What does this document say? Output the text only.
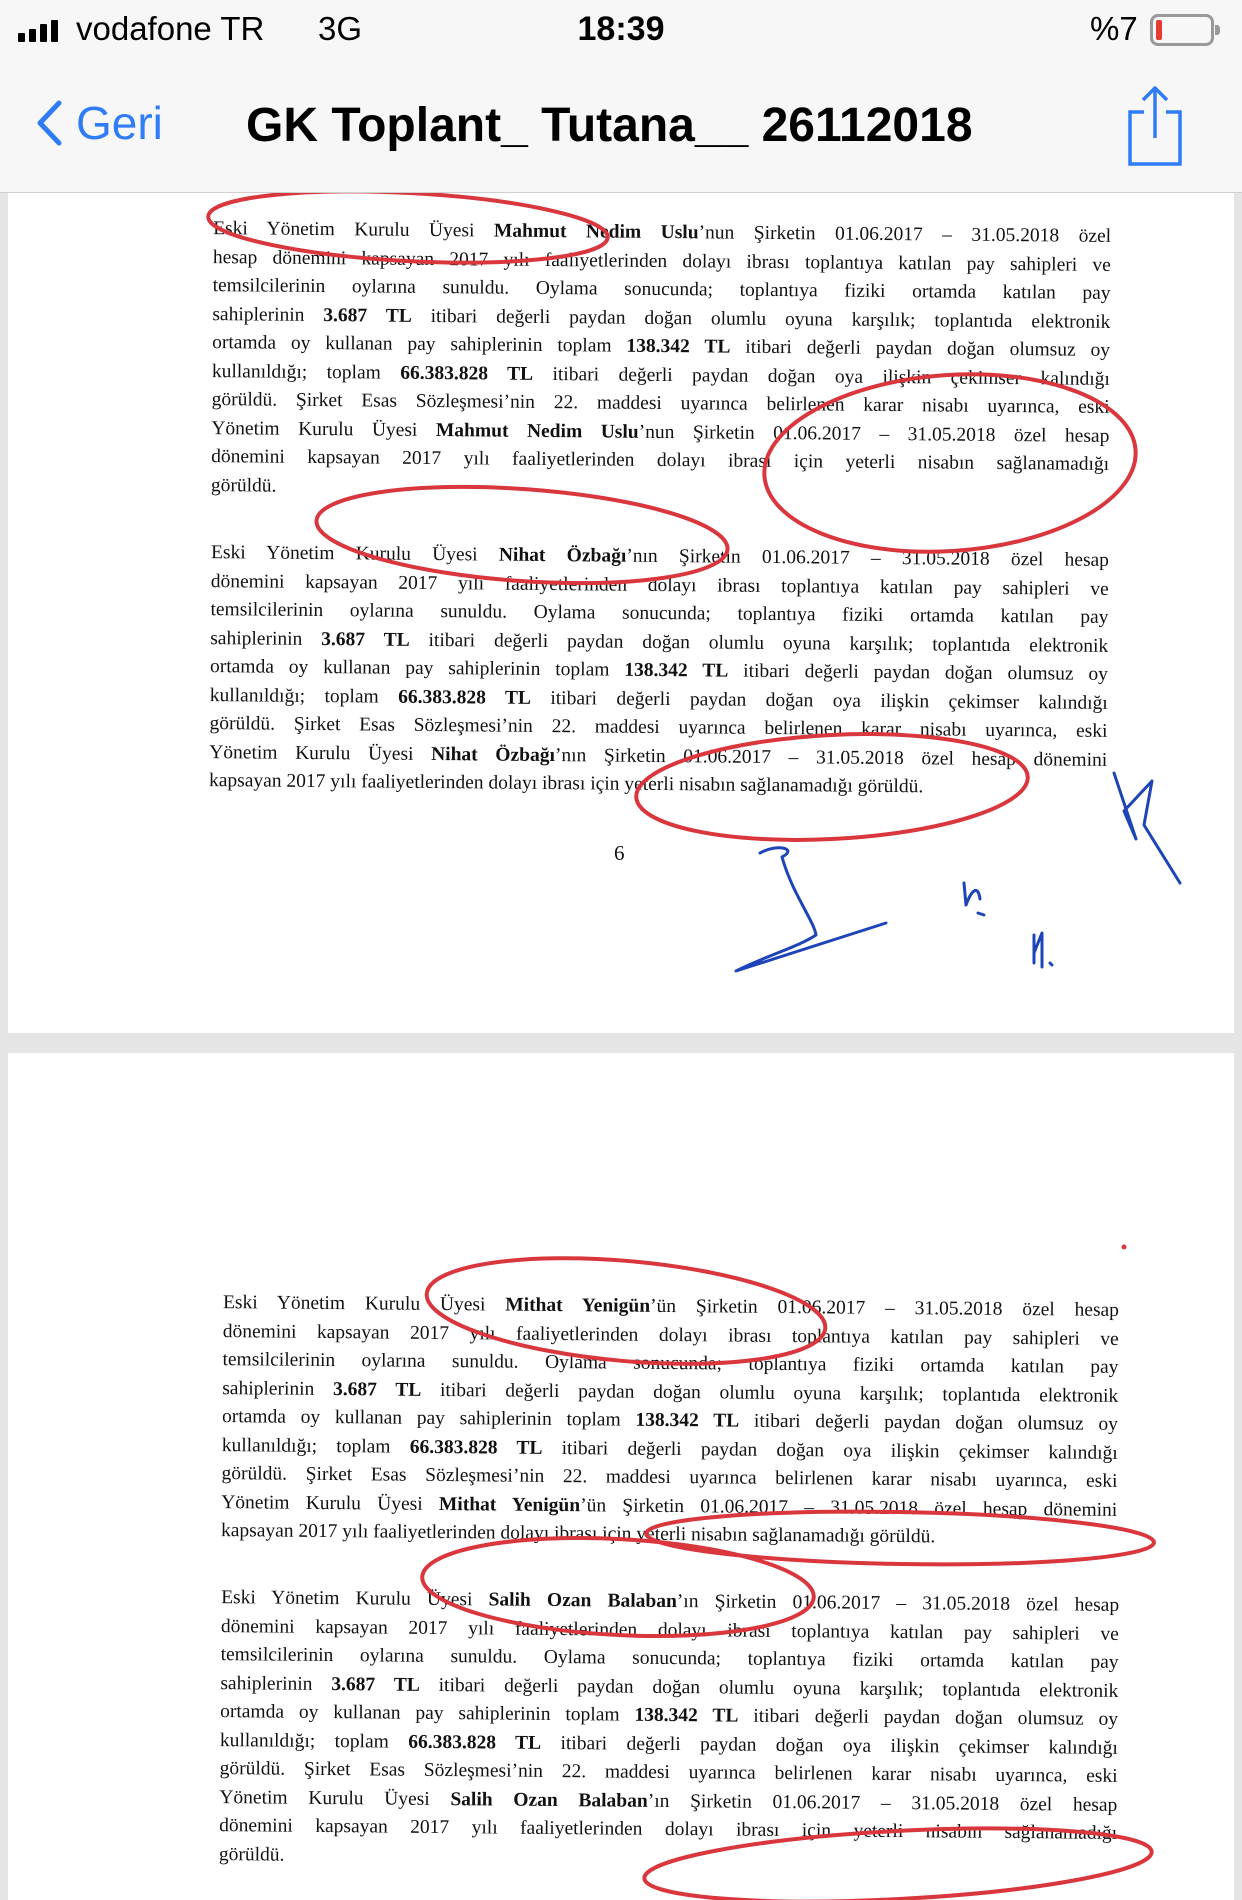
vodafone TR 3G	18:39	%7
Geri GK Toplant_ Tutana__ 26112018
Eski Yönetim Kurulu Üyesi Mahmut Nedim Uslu’nun Şirketin 01.06.2017 – 31.05.2018 özel
hesap dönemini kapsayan 2017 yılı faaliyetlerinden dolayı ibrası toplantıya katılan pay sahipleri ve
temsilcilerinin oylarına sunuldu. Oylama sonucunda; toplantıya fiziki ortamda katılan pay
sahiplerinin 3.687 TL itibari değerli paydan doğan olumlu oyuna karşılık; toplantıda elektronik
ortamda oy kullanan pay sahiplerinin toplam 138.342 TL itibari değerli paydan doğan olumsuz oy
kullanıldığı; toplam 66.383.828 TL itibari değerli paydan doğan oya ilişkin çekimser kalındığı
görüldü. Şirket Esas Sözleşmesi’nin 22. maddesi uyarınca belirlenen karar nisabı uyarınca, eski
Yönetim Kurulu Üyesi Mahmut Nedim Uslu’nun Şirketin 01.06.2017 – 31.05.2018 özel hesap
dönemini kapsayan 2017 yılı faaliyetlerinden dolayı ibrası için yeterli nisabın sağlanamadığı
görüldü.
Eski Yönetim Kurulu Üyesi Nihat Özbağı’nın Şirketin 01.06.2017 – 31.05.2018 özel hesap
dönemini kapsayan 2017 yılı faaliyetlerinden dolayı ibrası toplantıya katılan pay sahipleri ve
temsilcilerinin oylarına sunuldu. Oylama sonucunda; toplantıya fiziki ortamda katılan pay
sahiplerinin 3.687 TL itibari değerli paydan doğan olumlu oyuna karşılık; toplantıda elektronik
ortamda oy kullanan pay sahiplerinin toplam 138.342 TL itibari değerli paydan doğan olumsuz oy
kullanıldığı; toplam 66.383.828 TL itibari değerli paydan doğan oya ilişkin çekimser kalındığı
görüldü. Şirket Esas Sözleşmesi’nin 22. maddesi uyarınca belirlenen karar nisabı uyarınca, eski
Yönetim Kurulu Üyesi Nihat Özbağı’nın Şirketin 01.06.2017 – 31.05.2018 özel hesap dönemini
kapsayan 2017 yılı faaliyetlerinden dolayı ibrası için yeterli nisabın sağlanamadığı görüldü.
6
Eski Yönetim Kurulu Üyesi Mithat Yenigün’ün Şirketin 01.06.2017 – 31.05.2018 özel hesap
dönemini kapsayan 2017 yılı faaliyetlerinden dolayı ibrası toplantıya katılan pay sahipleri ve
temsilcilerinin oylarına sunuldu. Oylama sonucunda; toplantıya fiziki ortamda katılan pay
sahiplerinin 3.687 TL itibari değerli paydan doğan olumlu oyuna karşılık; toplantıda elektronik
ortamda oy kullanan pay sahiplerinin toplam 138.342 TL itibari değerli paydan doğan olumsuz oy
kullanıldığı; toplam 66.383.828 TL itibari değerli paydan doğan oya ilişkin çekimser kalındığı
görüldü. Şirket Esas Sözleşmesi’nin 22. maddesi uyarınca belirlenen karar nisabı uyarınca, eski
Yönetim Kurulu Üyesi Mithat Yenigün’ün Şirketin 01.06.2017 – 31.05.2018 özel hesap dönemini
kapsayan 2017 yılı faaliyetlerinden dolayı ibrası için yeterli nisabın sağlanamadığı görüldü.
Eski Yönetim Kurulu Üyesi Salih Ozan Balaban’ın Şirketin 01.06.2017 – 31.05.2018 özel hesap
dönemini kapsayan 2017 yılı faaliyetlerinden dolayı ibrası toplantıya katılan pay sahipleri ve
temsilcilerinin oylarına sunuldu. Oylama sonucunda; toplantıya fiziki ortamda katılan pay
sahiplerinin 3.687 TL itibari değerli paydan doğan olumlu oyuna karşılık; toplantıda elektronik
ortamda oy kullanan pay sahiplerinin toplam 138.342 TL itibari değerli paydan doğan olumsuz oy
kullanıldığı; toplam 66.383.828 TL itibari değerli paydan doğan oya ilişkin çekimser kalındığı
görüldü. Şirket Esas Sözleşmesi’nin 22. maddesi uyarınca belirlenen karar nisabı uyarınca, eski
Yönetim Kurulu Üyesi Salih Ozan Balaban’ın Şirketin 01.06.2017 – 31.05.2018 özel hesap
dönemini kapsayan 2017 yılı faaliyetlerinden dolayı ibrası için yeterli nisabın sağlanamadığı
görüldü.
